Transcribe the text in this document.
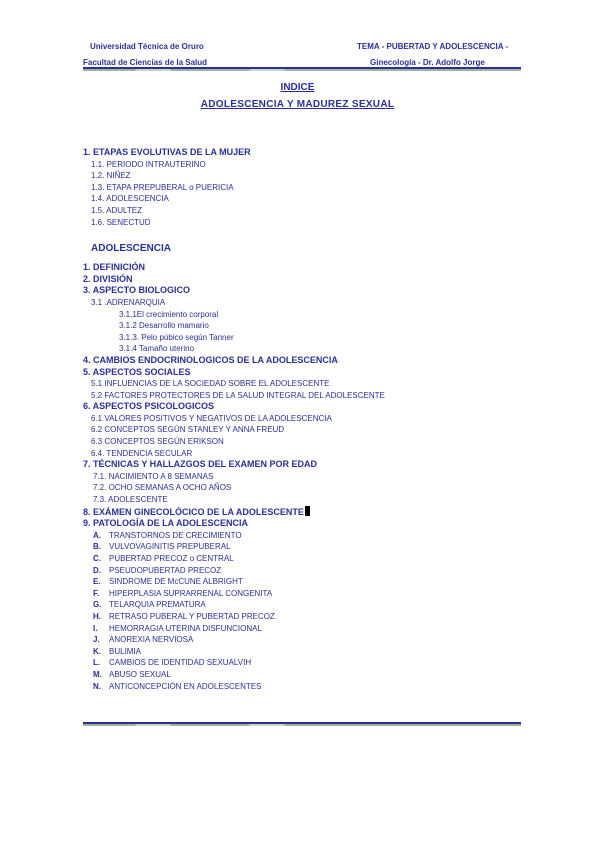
Universidad Técnica de Oruro
Facultad de Ciencias de la Salud
TEMA - PUBERTAD Y ADOLESCENCIA -
Ginecología - Dr. Adolfo Jorge
INDICE
ADOLESCENCIA Y MADUREZ SEXUAL
1. ETAPAS EVOLUTIVAS DE LA MUJER
1.1. PERIODO INTRAUTERINO
1.2. NIÑEZ
1.3. ETAPA PREPUBERAL o PUERICIA
1.4. ADOLESCENCIA
1.5. ADULTEZ
1.6. SENECTUD
ADOLESCENCIA
1. DEFINICIÓN
2. DIVISIÓN
3. ASPECTO BIOLOGICO
3.1 .ADRENARQUIA
3.1.1El crecimiento corporal
3.1.2 Desarrollo mamario
3.1.3. Pelo púbico según Tanner
3.1.4 Tamaño uterino
4. CAMBIOS ENDOCRINOLOGICOS DE LA ADOLESCENCIA
5. ASPECTOS SOCIALES
5.1 INFLUENCIAS DE LA SOCIEDAD SOBRE EL ADOLESCENTE
5.2 FACTORES PROTECTORES DE LA SALUD INTEGRAL DEL ADOLESCENTE
6. ASPECTOS PSICOLOGICOS
6.1 VALORES POSITIVOS Y NEGATIVOS DE LA ADOLESCENCIA
6.2 CONCEPTOS SEGÚN STANLEY Y ANNA FREUD
6.3 CONCEPTOS SEGÚN ERIKSON
6.4. TENDENCIA SECULAR
7. TÉCNICAS Y HALLAZGOS DEL EXAMEN POR EDAD
7.1. NACIMIENTO A 8 SEMANAS
7.2. OCHO SEMANAS A OCHO AÑOS
7.3. ADOLESCENTE
8. EXÁMEN GINECOLÓCICO DE LA ADOLESCENTE
9. PATOLOGÍA DE LA ADOLESCENCIA
A. TRANSTORNOS DE CRECIMIENTO
B. VULVOVAGINITIS PREPUBERAL
C. PUBERTAD PRECOZ o CENTRAL
D. PSEUDOPUBERTAD PRECOZ
E. SINDROME DE McCUNE ALBRIGHT
F. HIPERPLASIA SUPRARRENAL CONGENITA
G. TELARQUIA PREMATURA
H. RETRASO PUBERAL Y PUBERTAD PRECOZ.
I. HEMORRAGIA UTERINA DISFUNCIONAL
J. ANOREXIA NERVIOSA
K. BULIMIA
L. CAMBIOS DE IDENTIDAD SEXUALVIH
M. ABUSO SEXUAL
N. ANTICONCEPCIÓN EN ADOLESCENTES
